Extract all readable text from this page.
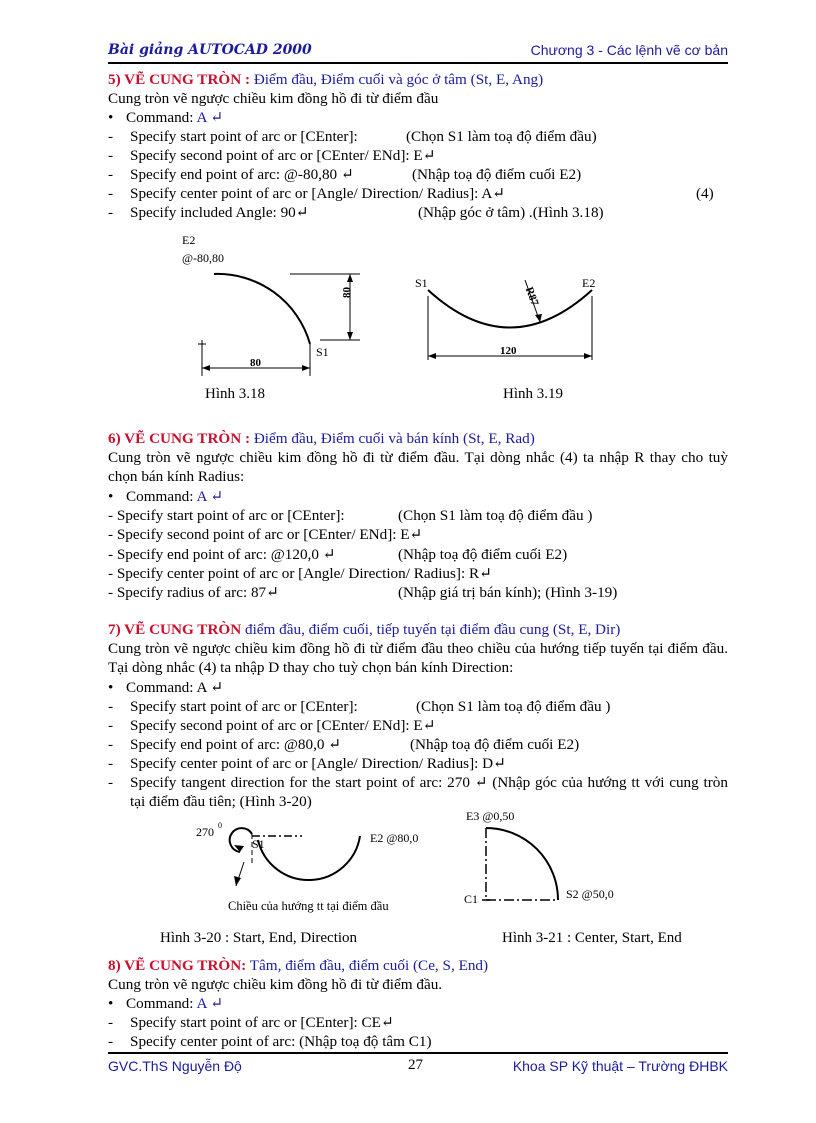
Bài giảng AUTOCAD 2000	Chương 3 - Các lệnh vẽ cơ bản
5) VẼ CUNG TRÒN : Điểm đầu, Điểm cuối và góc ở tâm (St, E, Ang)
Cung tròn vẽ ngược chiều kim đồng hồ đi từ điểm đầu
• Command: A ↵
- Specify start point of arc or [CEnter]:	(Chọn S1 làm toạ độ điểm đầu)
- Specify second point of arc or [CEnter/ ENd]: E↵
- Specify end point of arc: @-80,80 ↵	(Nhập toạ độ điểm cuối E2)
- Specify center point of arc or [Angle/ Direction/ Radius]: A↵	(4)
- Specify included Angle: 90↵	(Nhập góc ở tâm) .(Hình 3.18)
E2
@-80,80
80
80
S1
Hình 3.18
S1	E2
120
R87
Hình 3.19
6) VẼ CUNG TRÒN : Điểm đầu, Điểm cuối và bán kính (St, E, Rad)
Cung tròn vẽ ngược chiều kim đồng hồ đi từ điểm đầu. Tại dòng nhắc (4) ta nhập R thay cho tuỳ chọn bán kính Radius:
• Command: A ↵
- Specify start point of arc or [CEnter]:	(Chọn S1 làm toạ độ điểm đầu )
- Specify second point of arc or [CEnter/ ENd]: E↵
- Specify end point of arc: @120,0 ↵	(Nhập toạ độ điểm cuối E2)
- Specify center point of arc or [Angle/ Direction/ Radius]: R↵
- Specify radius of arc: 87↵	(Nhập giá trị bán kính); (Hình 3-19)
7) VẼ CUNG TRÒN điểm đầu, điểm cuối, tiếp tuyến tại điểm đầu cung (St, E, Dir)
Cung tròn vẽ ngược chiều kim đồng hồ đi từ điểm đầu theo chiều của hướng tiếp tuyến tại điểm đầu. Tại dòng nhắc (4) ta nhập D thay cho tuỳ chọn bán kính Direction:
• Command: A ↵
- Specify start point of arc or [CEnter]:	(Chọn S1 làm toạ độ điểm đầu )
- Specify second point of arc or [CEnter/ ENd]: E↵
- Specify end point of arc: @80,0 ↵	(Nhập toạ độ điểm cuối E2)
- Specify center point of arc or [Angle/ Direction/ Radius]: D↵
-	Specify tangent direction for the start point of arc: 270 ↵ (Nhập góc của hướng tt với cung tròn tại điểm đầu tiên; (Hình 3-20)
270 0
S1	E2 @80,0
Chiều của hướng tt tại điểm đầu
Hình 3-20 : Start, End, Direction
E3 @0,50
C1	S2 @50,0
Hình 3-21 : Center, Start, End
8) VẼ CUNG TRÒN: Tâm, điểm đầu, điểm cuối (Ce, S, End)
Cung tròn vẽ ngược chiều kim đồng hồ đi từ điểm đầu.
• Command: A ↵
- Specify start point of arc or [CEnter]: CE↵
- Specify center point of arc: (Nhập toạ độ tâm C1)
GVC.ThS Nguyễn Độ	27	Khoa SP Kỹ thuật – Trường ĐHBK
